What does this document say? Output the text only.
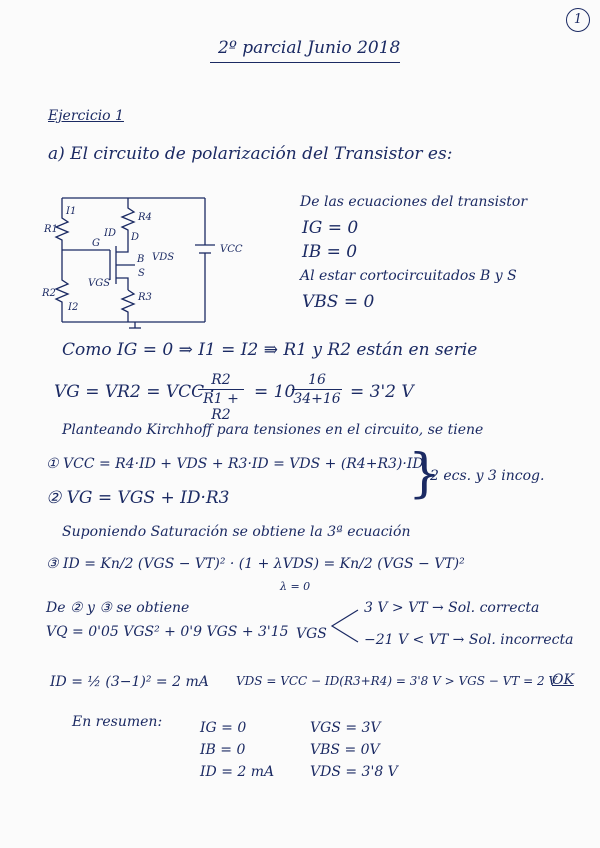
1
2º parcial Junio 2018
Ejercicio 1
a) El circuito de polarización del Transistor es:
R1
I1
G
R2
I2
R4
ID D
B VDS
S
VGS
R3
VCC
De las ecuaciones del transistor
IG = 0
IB = 0
Al estar cortocircuitados B y S
VBS = 0
Como IG = 0 ⇒ I1 = I2 ⇛ R1 y R2 están en serie
VG = VR2 = VCC ·
R2
R1 + R2
= 10
16
34+16 = 3'2 V
Planteando Kirchhoff para tensiones en el circuito, se tiene
① VCC = R4·ID + VDS + R3·ID = VDS + (R4+R3)·ID
② VG = VGS + ID·R3	}
2 ecs. y 3 incog.
Suponiendo Saturación se obtiene la 3ª ecuación
③ ID = Kn/2 (VGS − VT)² · (1 + λVDS) = Kn/2 (VGS − VT)²
λ = 0
De ② y ③ se obtiene
VQ = 0'05 VGS² + 0'9 VGS + 3'15 VGS
3 V > VT → Sol. correcta
−21 V < VT → Sol. incorrecta
ID = ½ (3−1)² = 2 mA VDS = VCC − ID(R3+R4) = 3'8 V > VGS − VT = 2 V
OK
En resumen:	IG = 0
IB = 0
ID = 2 mA
VGS = 3V
VBS = 0V
VDS = 3'8 V
